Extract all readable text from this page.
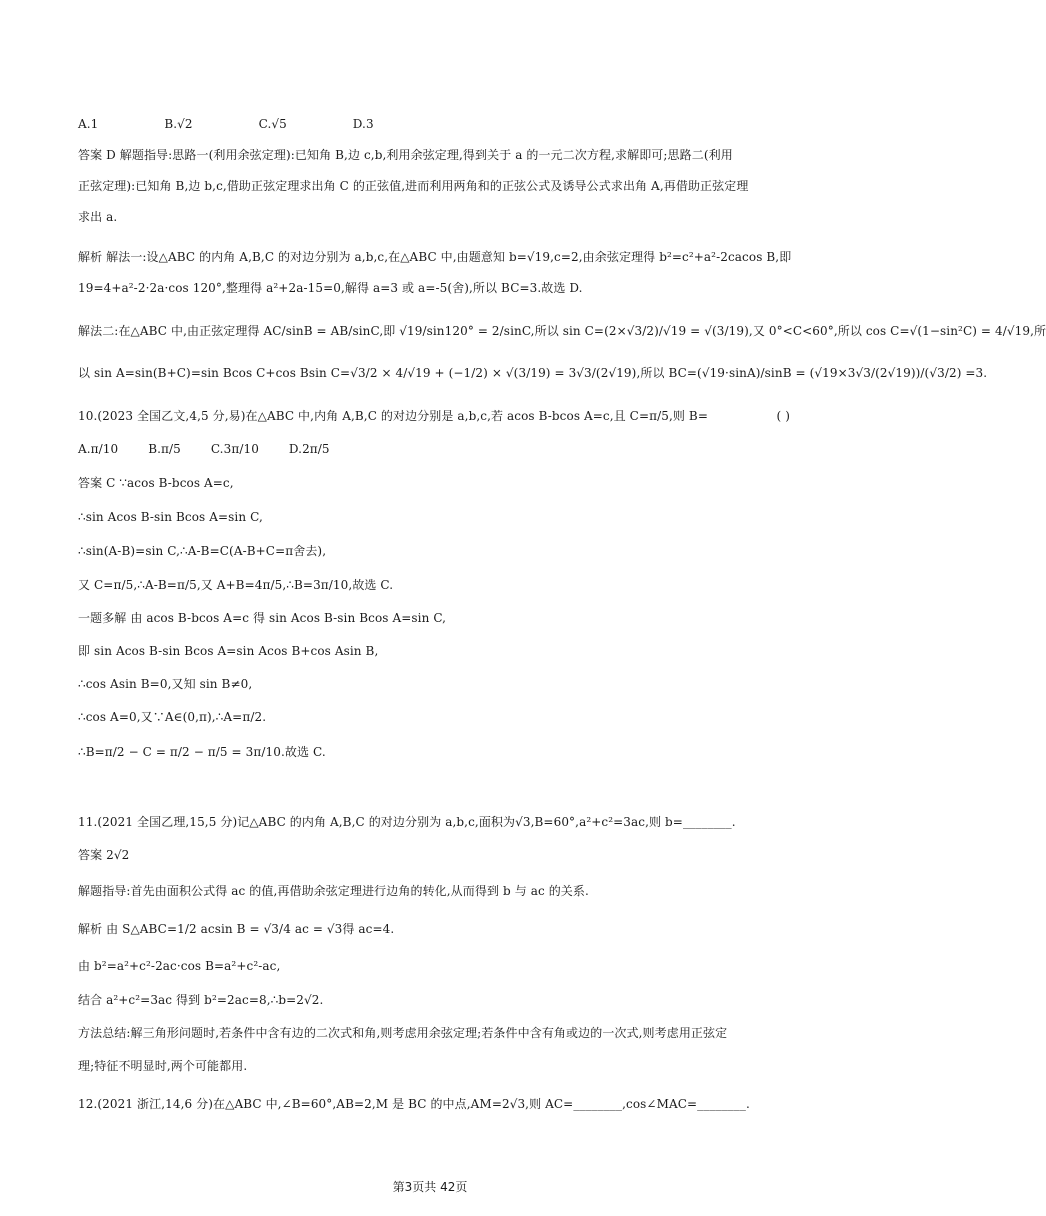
A.1	B.√2	C.√5	D.3
答案 D 解题指导:思路一(利用余弦定理):已知角 B,边 c,b,利用余弦定理,得到关于 a 的一元二次方程,求解即可;思路二(利用
正弦定理):已知角 B,边 b,c,借助正弦定理求出角 C 的正弦值,进而利用两角和的正弦公式及诱导公式求出角 A,再借助正弦定理
求出 a.
解析 解法一:设△ABC 的内角 A,B,C 的对边分别为 a,b,c,在△ABC 中,由题意知 b=√19,c=2,由余弦定理得 b²=c²+a²-2cacos B,即
19=4+a²-2·2a·cos 120°,整理得 a²+2a-15=0,解得 a=3 或 a=-5(舍),所以 BC=3.故选 D.
解法二:在△ABC 中,由正弦定理得 AC/sinB = AB/sinC,即 √19/sin120° = 2/sinC,所以 sin C=(2×√3/2)/√19 = √(3/19),又 0°<C<60°,所以 cos C=√(1−sin²C) = 4/√19,所
以 sin A=sin(B+C)=sin Bcos C+cos Bsin C=√3/2 × 4/√19 + (−1/2) × √(3/19) = 3√3/(2√19),所以 BC=(√19·sinA)/sinB = (√19×3√3/(2√19))/(√3/2) =3.
10.(2023 全国乙文,4,5 分,易)在△ABC 中,内角 A,B,C 的对边分别是 a,b,c,若 acos B-bcos A=c,且 C=π/5,则 B=	( )
A.π/10 B.π/5 C.3π/10 D.2π/5
答案 C ∵acos B-bcos A=c,
∴sin Acos B-sin Bcos A=sin C,
∴sin(A-B)=sin C,∴A-B=C(A-B+C=π舍去),
又 C=π/5,∴A-B=π/5,又 A+B=4π/5,∴B=3π/10,故选 C.
一题多解 由 acos B-bcos A=c 得 sin Acos B-sin Bcos A=sin C,
即 sin Acos B-sin Bcos A=sin Acos B+cos Asin B,
∴cos Asin B=0,又知 sin B≠0,
∴cos A=0,又∵A∈(0,π),∴A=π/2.
∴B=π/2 − C = π/2 − π/5 = 3π/10.故选 C.
11.(2021 全国乙理,15,5 分)记△ABC 的内角 A,B,C 的对边分别为 a,b,c,面积为√3,B=60°,a²+c²=3ac,则 b=________.
答案 2√2
解题指导:首先由面积公式得 ac 的值,再借助余弦定理进行边角的转化,从而得到 b 与 ac 的关系.
解析 由 S△ABC=1/2 acsin B = √3/4 ac = √3得 ac=4.
由 b²=a²+c²-2ac·cos B=a²+c²-ac,
结合 a²+c²=3ac 得到 b²=2ac=8,∴b=2√2.
方法总结:解三角形问题时,若条件中含有边的二次式和角,则考虑用余弦定理;若条件中含有角或边的一次式,则考虑用正弦定
理;特征不明显时,两个可能都用.
12.(2021 浙江,14,6 分)在△ABC 中,∠B=60°,AB=2,M 是 BC 的中点,AM=2√3,则 AC=________,cos∠MAC=________.
第3页共 42页
